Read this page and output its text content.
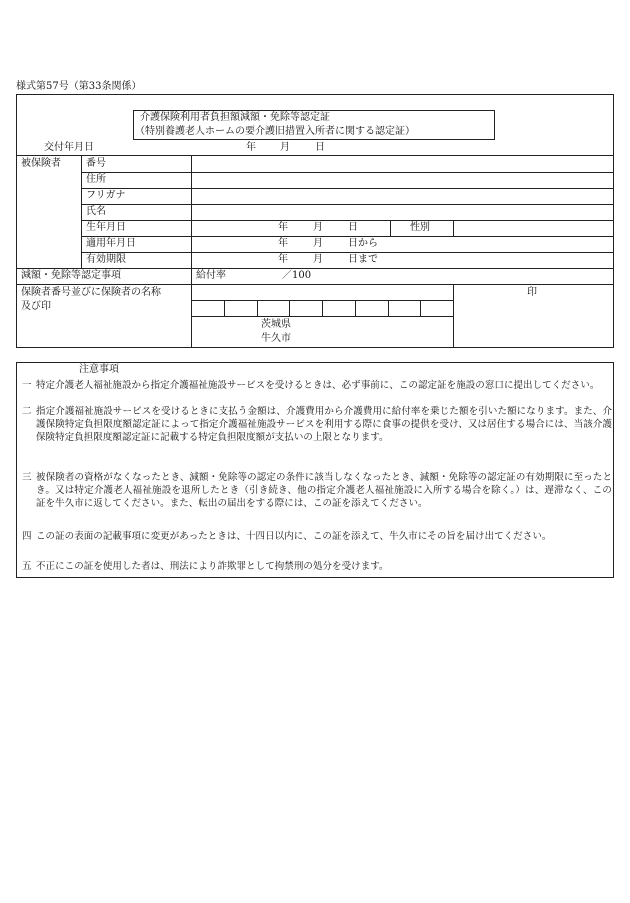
様式第57号（第33条関係）
介護保険利用者負担額減額・免除等認定証
（特別養護老人ホームの要介護旧措置入所者に関する認定証）
交付年月日	年 月	日
被保険者	番号
住所
フリガナ
氏名
生年月日	年	月	日	性別
適用年月日	年	月	日から
有効期限	年	月	日まで
減額・免除等認定事項	給付率	／100
保険者番号並びに保険者の名称
及び印
茨城県
牛久市
印
注意事項
一 特定介護老人福祉施設から指定介護福祉施設サービスを受けるときは、必ず事前に、この認定証を施設の窓口に提出してください。
二 指定介護福祉施設サービスを受けるときに支払う金額は、介護費用から介護費用に給付率を乗じた額を引いた額になります。また、介護保険特定負担限度額認定証によって指定介護福祉施設サービスを利用する際に食事の提供を受け、又は居住する場合には、当該介護保険特定負担限度額認定証に記載する特定負担限度額が支払いの上限となります。
三 被保険者の資格がなくなったとき、減額・免除等の認定の条件に該当しなくなったとき、減額・免除等の認定証の有効期限に至ったとき。又は特定介護老人福祉施設を退所したとき（引き続き、他の指定介護老人福祉施設に入所する場合を除く。）は、遅滞なく、この証を牛久市に返してください。また、転出の届出をする際には、この証を添えてください。
四 この証の表面の記載事項に変更があったときは、十四日以内に、この証を添えて、牛久市にその旨を届け出てください。
五 不正にこの証を使用した者は、刑法により詐欺罪として拘禁刑の処分を受けます。
